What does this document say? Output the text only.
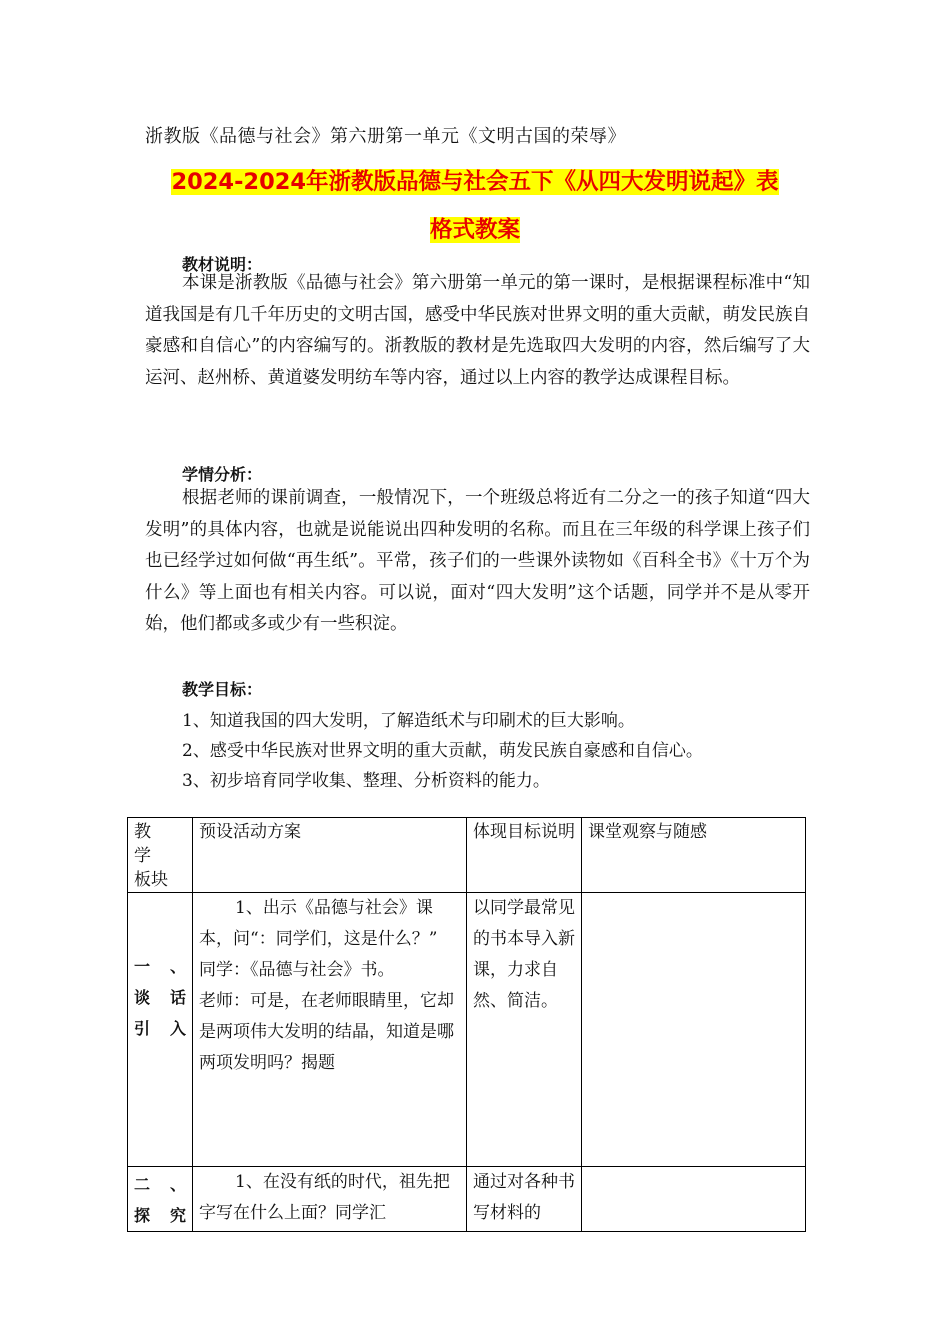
浙教版《品德与社会》第六册第一单元《文明古国的荣辱》
2024-2024年浙教版品德与社会五下《从四大发明说起》表
格式教案
教材说明：
本课是浙教版《品德与社会》第六册第一单元的第一课时，是根据课程标准中“知道我国是有几千年历史的文明古国，感受中华民族对世界文明的重大贡献，萌发民族自豪感和自信心”的内容编写的。浙教版的教材是先选取四大发明的内容，然后编写了大运河、赵州桥、黄道婆发明纺车等内容，通过以上内容的教学达成课程目标。
学情分析：
根据老师的课前调查，一般情况下，一个班级总将近有二分之一的孩子知道“四大发明”的具体内容，也就是说能说出四种发明的名称。而且在三年级的科学课上孩子们也已经学过如何做“再生纸”。平常，孩子们的一些课外读物如《百科全书》《十万个为什么》等上面也有相关内容。可以说，面对“四大发明”这个话题，同学并不是从零开始，他们都或多或少有一些积淀。
教学目标：
1、知道我国的四大发明，了解造纸术与印刷术的巨大影响。
2、感受中华民族对世界文明的重大贡献，萌发民族自豪感和自信心。
3、初步培育同学收集、整理、分析资料的能力。
教 学 板块	预设活动方案	体现目标说明	课堂观察与随感

一 、 谈 话 引入	1、出示《品德与社会》课本，问“：同学们，这是什么？”
同学：《品德与社会》书。
老师：可是，在老师眼睛里，它却是两项伟大发明的结晶，知道是哪两项发明吗？揭题	以同学最常见的书本导入新课，力求自然、简洁。	

二 、 探 究	1、在没有纸的时代，祖先把字写在什么上面？同学汇	通过对各种书写材料的	
